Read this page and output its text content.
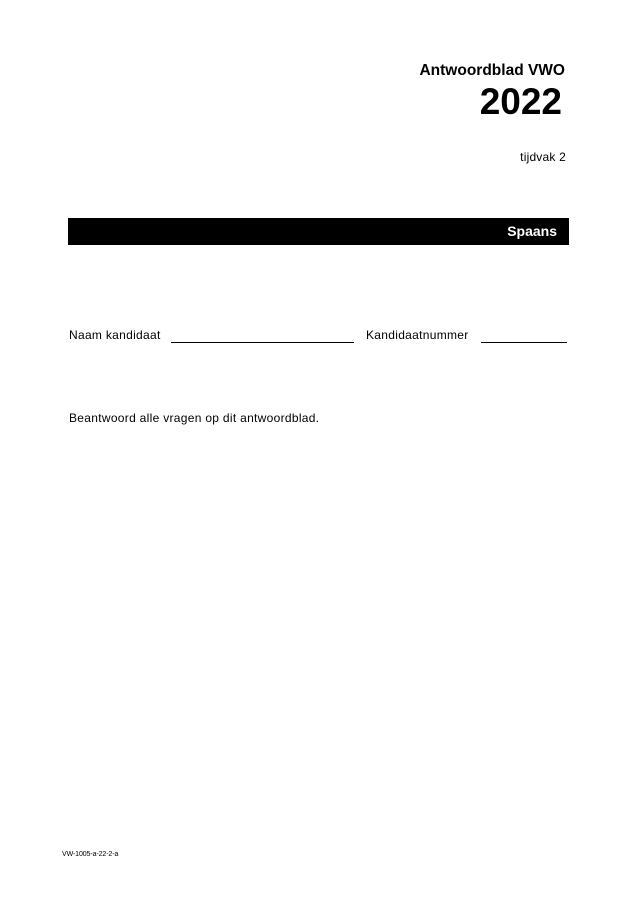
Antwoordblad VWO
2022
tijdvak 2
Spaans
Naam kandidaat	Kandidaatnummer
Beantwoord alle vragen op dit antwoordblad.
VW-1005-a-22-2-a
